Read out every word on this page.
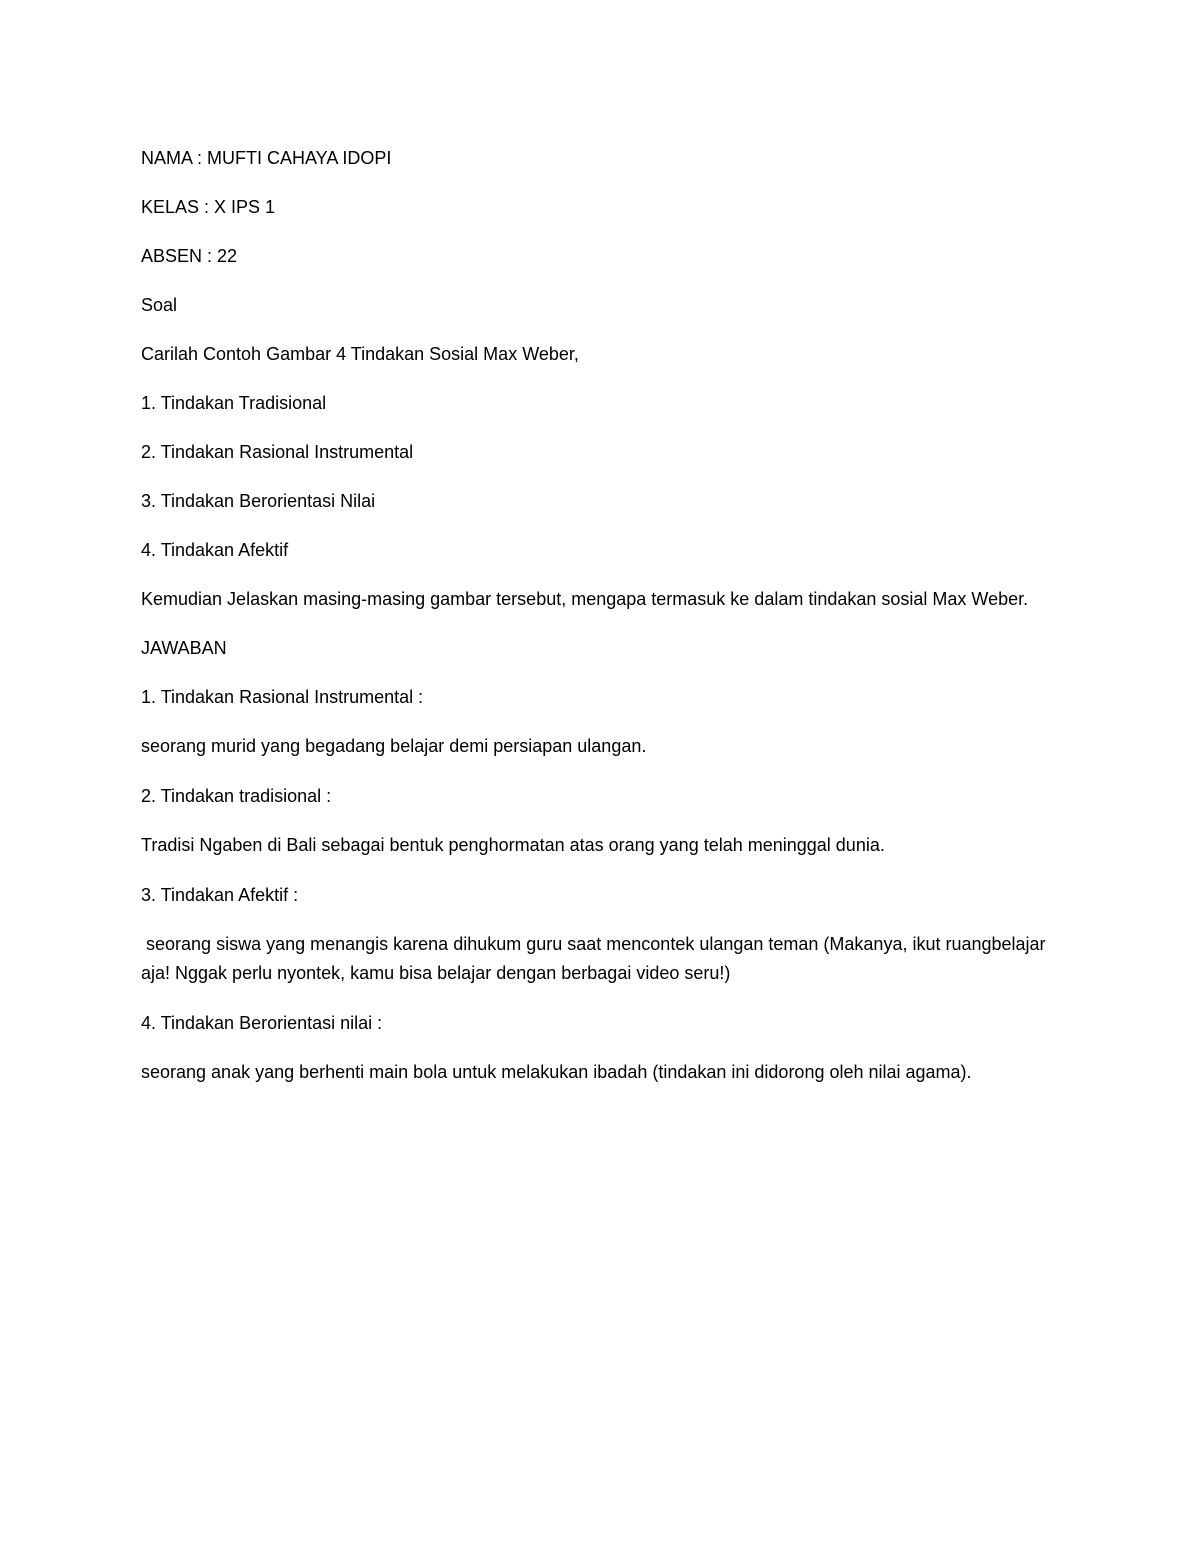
NAMA : MUFTI CAHAYA IDOPI

KELAS : X IPS 1

ABSEN : 22

Soal

Carilah Contoh Gambar 4 Tindakan Sosial Max Weber,

1. Tindakan Tradisional

2. Tindakan Rasional Instrumental

3. Tindakan Berorientasi Nilai

4. Tindakan Afektif

Kemudian Jelaskan masing-masing gambar tersebut, mengapa termasuk ke dalam tindakan sosial Max Weber.

JAWABAN

1. Tindakan Rasional Instrumental :

seorang murid yang begadang belajar demi persiapan ulangan.

2. Tindakan tradisional :

Tradisi Ngaben di Bali sebagai bentuk penghormatan atas orang yang telah meninggal dunia.

3. Tindakan Afektif :

seorang siswa yang menangis karena dihukum guru saat mencontek ulangan teman (Makanya, ikut ruangbelajar aja! Nggak perlu nyontek, kamu bisa belajar dengan berbagai video seru!)

4. Tindakan Berorientasi nilai :

seorang anak yang berhenti main bola untuk melakukan ibadah (tindakan ini didorong oleh nilai agama).
